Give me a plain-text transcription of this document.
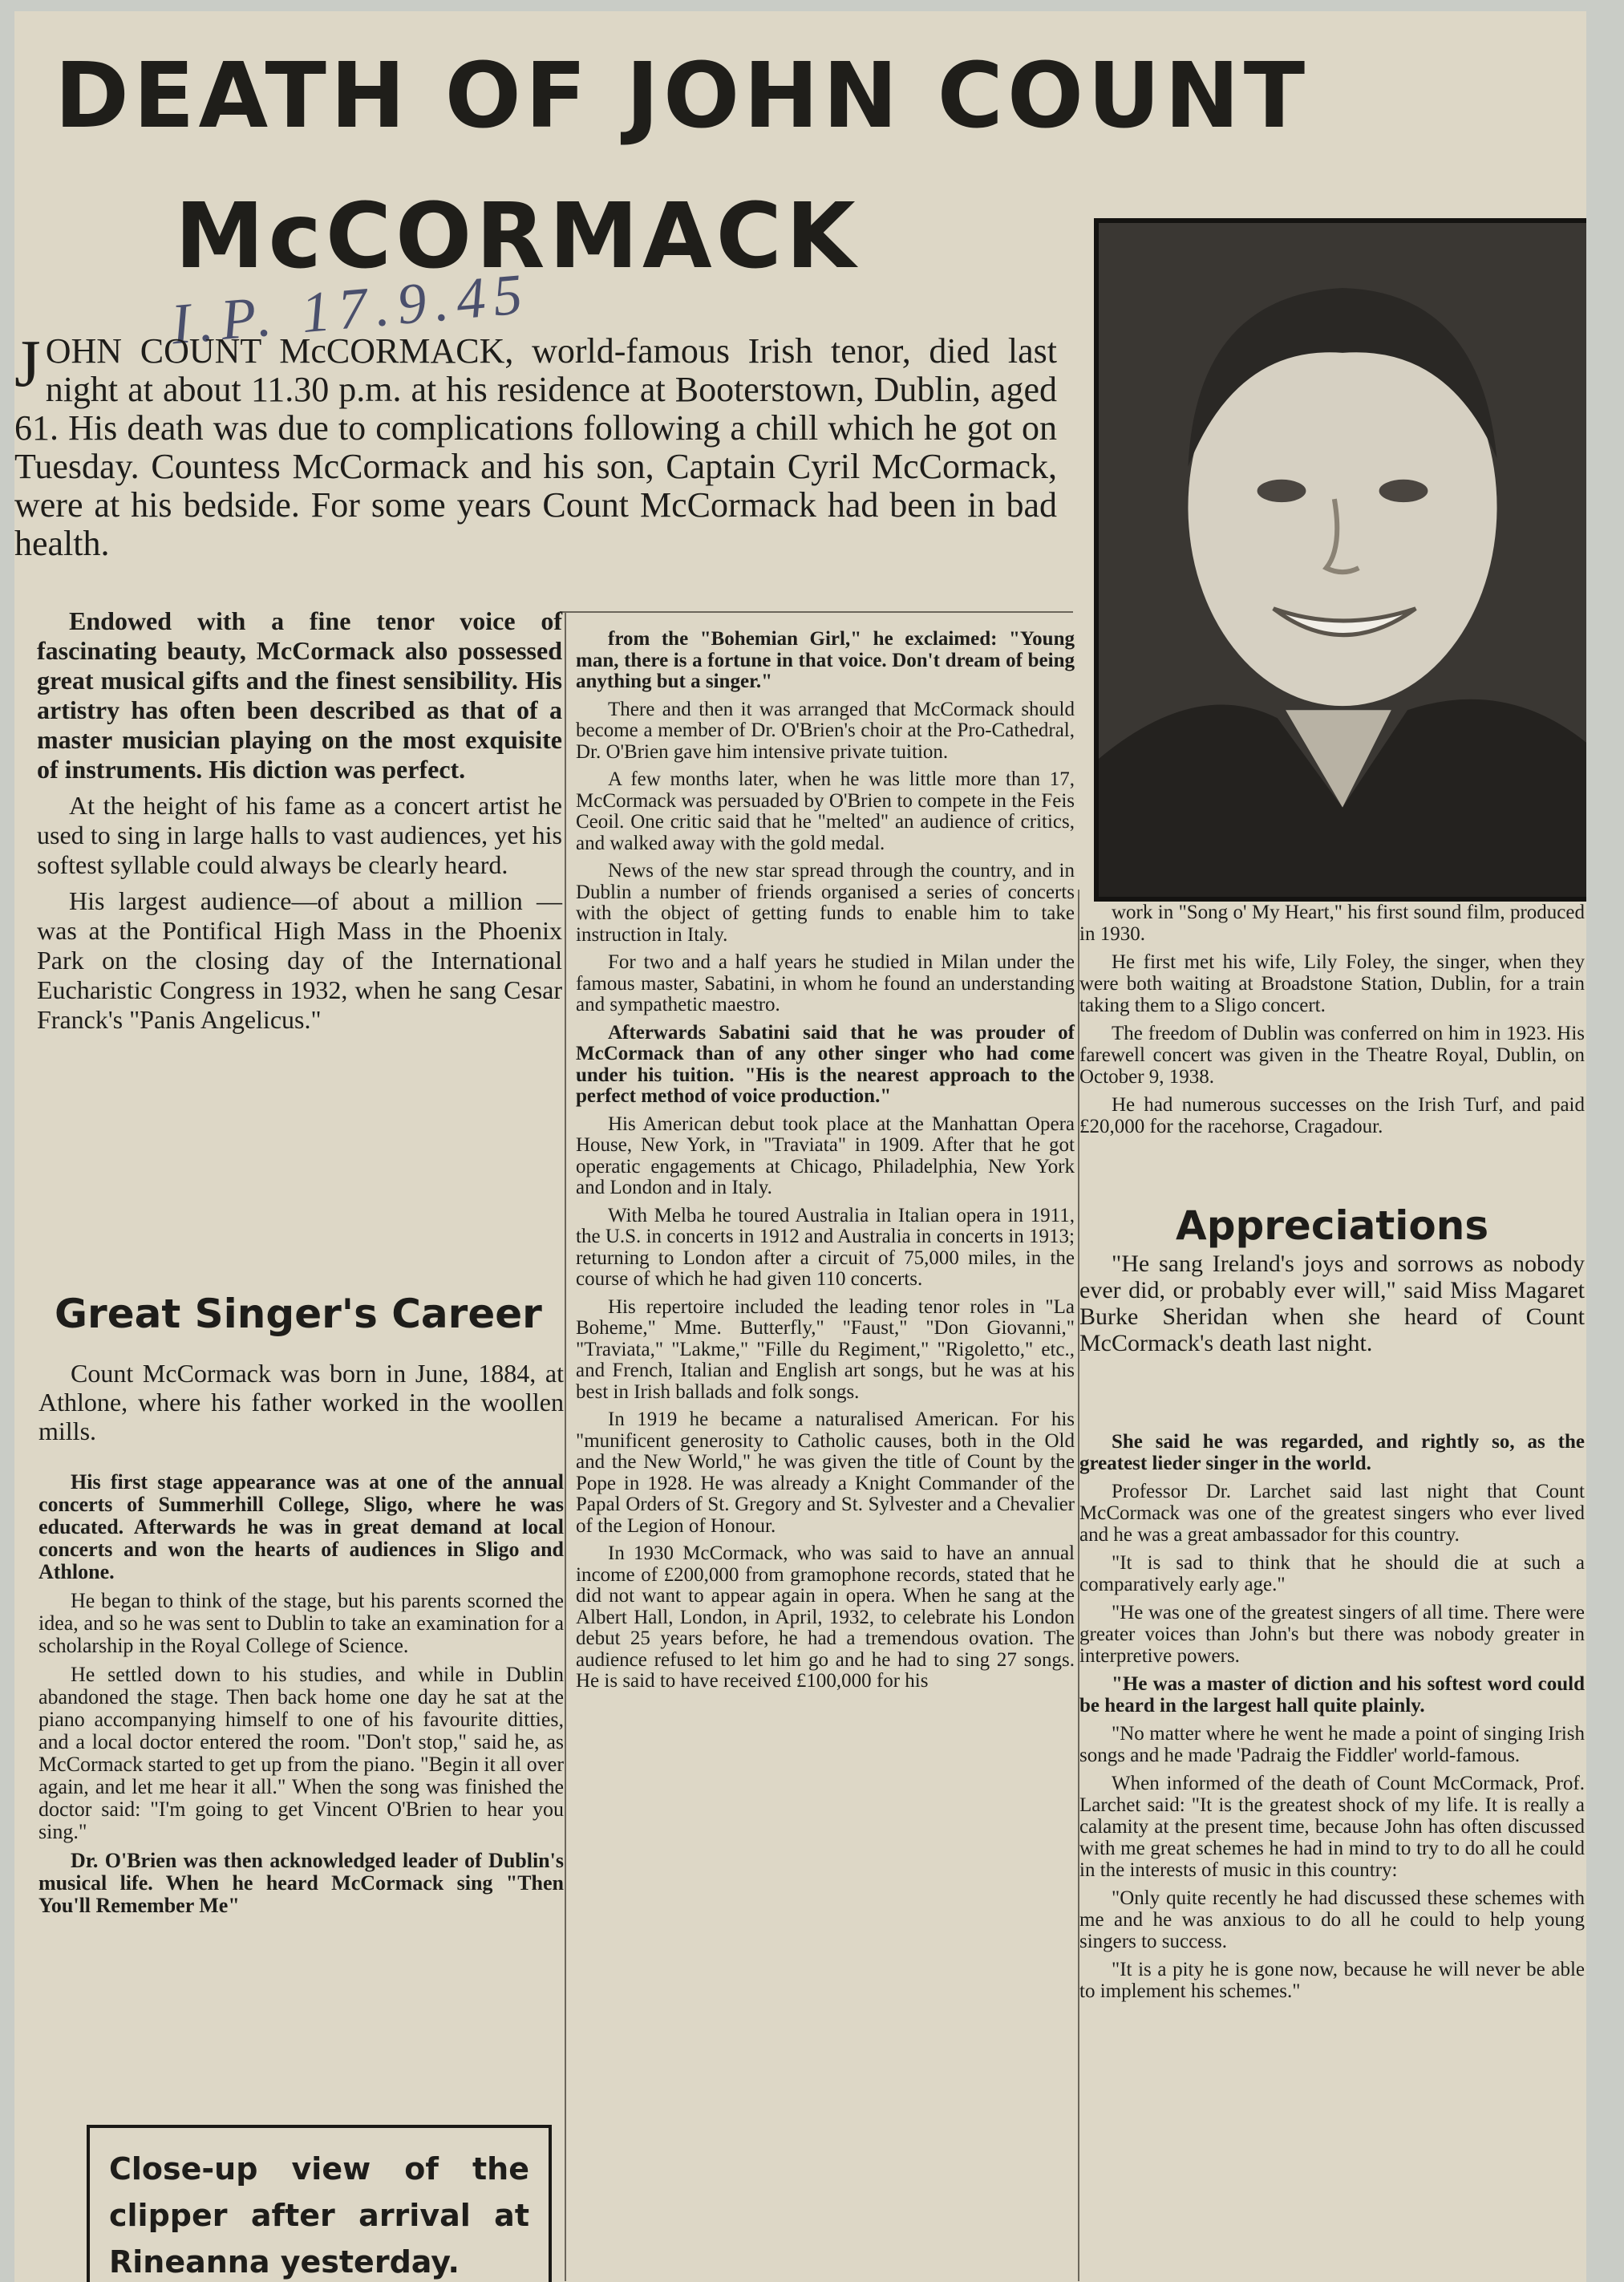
DEATH OF JOHN COUNT
McCORMACK
I.P. 17.9.45

JOHN COUNT McCORMACK, world-famous Irish tenor, died last night at about 11.30 p.m. at his residence at Booterstown, Dublin, aged 61. His death was due to complications following a chill which he got on Tuesday. Countess McCormack and his son, Captain Cyril McCormack, were at his bedside. For some years Count McCormack had been in bad health.

Endowed with a fine tenor voice of fascinating beauty, McCormack also possessed great musical gifts and the finest sensibility. His artistry has often been described as that of a master musician playing on the most exquisite of instruments. His diction was perfect.

At the height of his fame as a concert artist he used to sing in large halls to vast audiences, yet his softest syllable could always be clearly heard.

His largest audience—of about a million — was at the Pontifical High Mass in the Phoenix Park on the closing day of the International Eucharistic Congress in 1932, when he sang Cesar Franck's "Panis Angelicus."

Great Singer's Career

Count McCormack was born in June, 1884, at Athlone, where his father worked in the woollen mills.

His first stage appearance was at one of the annual concerts of Summerhill College, Sligo, where he was educated. Afterwards he was in great demand at local concerts and won the hearts of audiences in Sligo and Athlone.

He began to think of the stage, but his parents scorned the idea, and so he was sent to Dublin to take an examination for a scholarship in the Royal College of Science.

He settled down to his studies, and while in Dublin abandoned the stage. Then back home one day he sat at the piano accompanying himself to one of his favourite ditties, and a local doctor entered the room. "Don't stop," said he, as McCormack started to get up from the piano. "Begin it all over again, and let me hear it all." When the song was finished the doctor said: "I'm going to get Vincent O'Brien to hear you sing."

Dr. O'Brien was then acknowledged leader of Dublin's musical life. When he heard McCormack sing "Then You'll Remember Me"

Close-up view of the clipper after arrival at Rineanna yesterday.

from the "Bohemian Girl," he exclaimed: "Young man, there is a fortune in that voice. Don't dream of being anything but a singer."

There and then it was arranged that McCormack should become a member of Dr. O'Brien's choir at the Pro-Cathedral, Dr. O'Brien gave him intensive private tuition.

A few months later, when he was little more than 17, McCormack was persuaded by O'Brien to compete in the Feis Ceoil. One critic said that he "melted" an audience of critics, and walked away with the gold medal.

News of the new star spread through the country, and in Dublin a number of friends organised a series of concerts with the object of getting funds to enable him to take instruction in Italy.

For two and a half years he studied in Milan under the famous master, Sabatini, in whom he found an understanding and sympathetic maestro.

Afterwards Sabatini said that he was prouder of McCormack than of any other singer who had come under his tuition. "His is the nearest approach to the perfect method of voice production."

His American debut took place at the Manhattan Opera House, New York, in "Traviata" in 1909. After that he got operatic engagements at Chicago, Philadelphia, New York and London and in Italy.

With Melba he toured Australia in Italian opera in 1911, the U.S. in concerts in 1912 and Australia in concerts in 1913; returning to London after a circuit of 75,000 miles, in the course of which he had given 110 concerts.

His repertoire included the leading tenor roles in "La Boheme," Mme. Butterfly," "Faust," "Don Giovanni," "Traviata," "Lakme," "Fille du Regiment," "Rigoletto," etc., and French, Italian and English art songs, but he was at his best in Irish ballads and folk songs.

In 1919 he became a naturalised American. For his "munificent generosity to Catholic causes, both in the Old and the New World," he was given the title of Count by the Pope in 1928. He was already a Knight Commander of the Papal Orders of St. Gregory and St. Sylvester and a Chevalier of the Legion of Honour.

In 1930 McCormack, who was said to have an annual income of £200,000 from gramophone records, stated that he did not want to appear again in opera. When he sang at the Albert Hall, London, in April, 1932, to celebrate his London debut 25 years before, he had a tremendous ovation. The audience refused to let him go and he had to sing 27 songs. He is said to have received £100,000 for his

work in "Song o' My Heart," his first sound film, produced in 1930.

He first met his wife, Lily Foley, the singer, when they were both waiting at Broadstone Station, Dublin, for a train taking them to a Sligo concert.

The freedom of Dublin was conferred on him in 1923. His farewell concert was given in the Theatre Royal, Dublin, on October 9, 1938.

He had numerous successes on the Irish Turf, and paid £20,000 for the racehorse, Cragadour.

Appreciations

"He sang Ireland's joys and sorrows as nobody ever did, or probably ever will," said Miss Magaret Burke Sheridan when she heard of Count McCormack's death last night.

She said he was regarded, and rightly so, as the greatest lieder singer in the world.

Professor Dr. Larchet said last night that Count McCormack was one of the greatest singers who ever lived and he was a great ambassador for this country.

"It is sad to think that he should die at such a comparatively early age."

"He was one of the greatest singers of all time. There were greater voices than John's but there was nobody greater in interpretive powers.

"He was a master of diction and his softest word could be heard in the largest hall quite plainly.

"No matter where he went he made a point of singing Irish songs and he made 'Padraig the Fiddler' world-famous.

When informed of the death of Count McCormack, Prof. Larchet said: "It is the greatest shock of my life. It is really a calamity at the present time, because John has often discussed with me great schemes he had in mind to try to do all he could in the interests of music in this country:

"Only quite recently he had discussed these schemes with me and he was anxious to do all he could to help young singers to success.

"It is a pity he is gone now, because he will never be able to implement his schemes."
